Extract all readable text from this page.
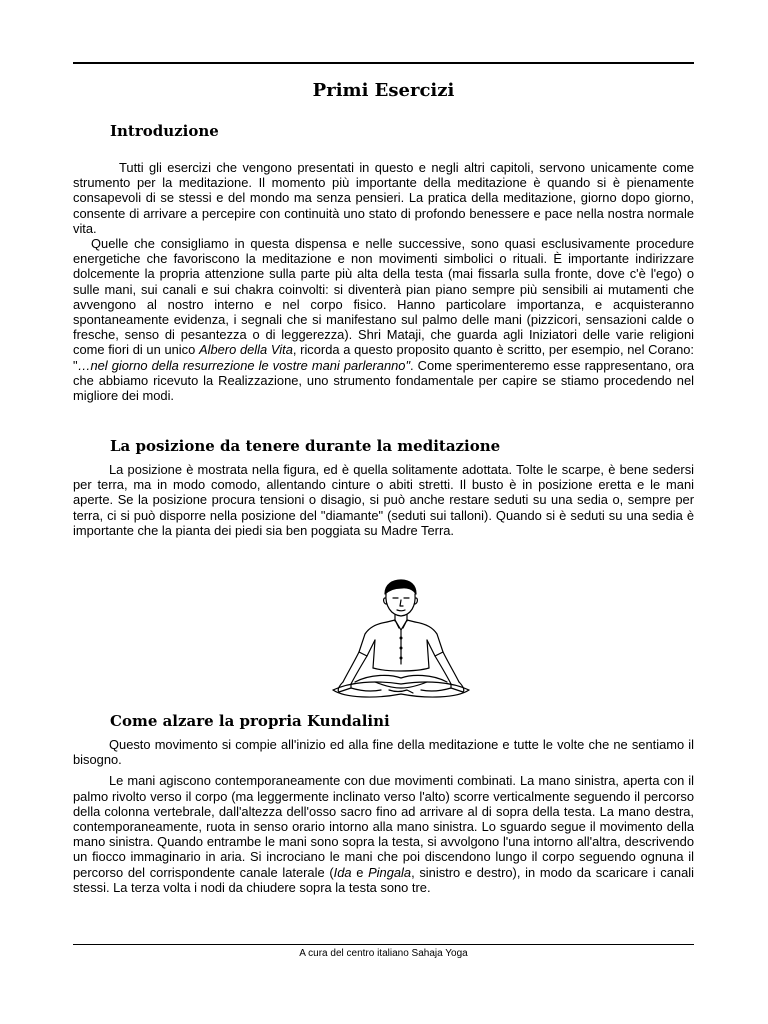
Primi Esercizi
Introduzione

Tutti gli esercizi che vengono presentati in questo e negli altri capitoli, servono unicamente come strumento per la meditazione. Il momento più importante della meditazione è quando si è pienamente consapevoli di se stessi e del mondo ma senza pensieri. La pratica della meditazione, giorno dopo giorno, consente di arrivare a percepire con continuità uno stato di profondo benessere e pace nella nostra normale vita.

Quelle che consigliamo in questa dispensa e nelle successive, sono quasi esclusivamente procedure energetiche che favoriscono la meditazione e non movimenti simbolici o rituali. È importante indirizzare dolcemente la propria attenzione sulla parte più alta della testa (mai fissarla sulla fronte, dove c'è l'ego) o sulle mani, sui canali e sui chakra coinvolti: si diventerà pian piano sempre più sensibili ai mutamenti che avvengono al nostro interno e nel corpo fisico. Hanno particolare importanza, e acquisteranno spontaneamente evidenza, i segnali che si manifestano sul palmo delle mani (pizzicori, sensazioni calde o fresche, senso di pesantezza o di leggerezza). Shri Mataji, che guarda agli Iniziatori delle varie religioni come fiori di un unico Albero della Vita, ricorda a questo proposito quanto è scritto, per esempio, nel Corano: "…nel giorno della resurrezione le vostre mani parleranno". Come sperimenteremo esse rappresentano, ora che abbiamo ricevuto la Realizzazione, uno strumento fondamentale per capire se stiamo procedendo nel migliore dei modi.

La posizione da tenere durante la meditazione

La posizione è mostrata nella figura, ed è quella solitamente adottata. Tolte le scarpe, è bene sedersi per terra, ma in modo comodo, allentando cinture o abiti stretti. Il busto è in posizione eretta e le mani aperte. Se la posizione procura tensioni o disagio, si può anche restare seduti su una sedia o, sempre per terra, ci si può disporre nella posizione del "diamante" (seduti sui talloni). Quando si è seduti su una sedia è importante che la pianta dei piedi sia ben poggiata su Madre Terra.

Come alzare la propria Kundalini

Questo movimento si compie all'inizio ed alla fine della meditazione e tutte le volte che ne sentiamo il bisogno.

Le mani agiscono contemporaneamente con due movimenti combinati. La mano sinistra, aperta con il palmo rivolto verso il corpo (ma leggermente inclinato verso l'alto) scorre verticalmente seguendo il percorso della colonna vertebrale, dall'altezza dell'osso sacro fino ad arrivare al di sopra della testa. La mano destra, contemporaneamente, ruota in senso orario intorno alla mano sinistra. Lo sguardo segue il movimento della mano sinistra. Quando entrambe le mani sono sopra la testa, si avvolgono l'una intorno all'altra, descrivendo un fiocco immaginario in aria. Si incrociano le mani che poi discendono lungo il corpo seguendo ognuna il percorso del corrispondente canale laterale (Ida e Pingala, sinistro e destro), in modo da scaricare i canali stessi. La terza volta i nodi da chiudere sopra la testa sono tre.

A cura del centro italiano Sahaja Yoga
